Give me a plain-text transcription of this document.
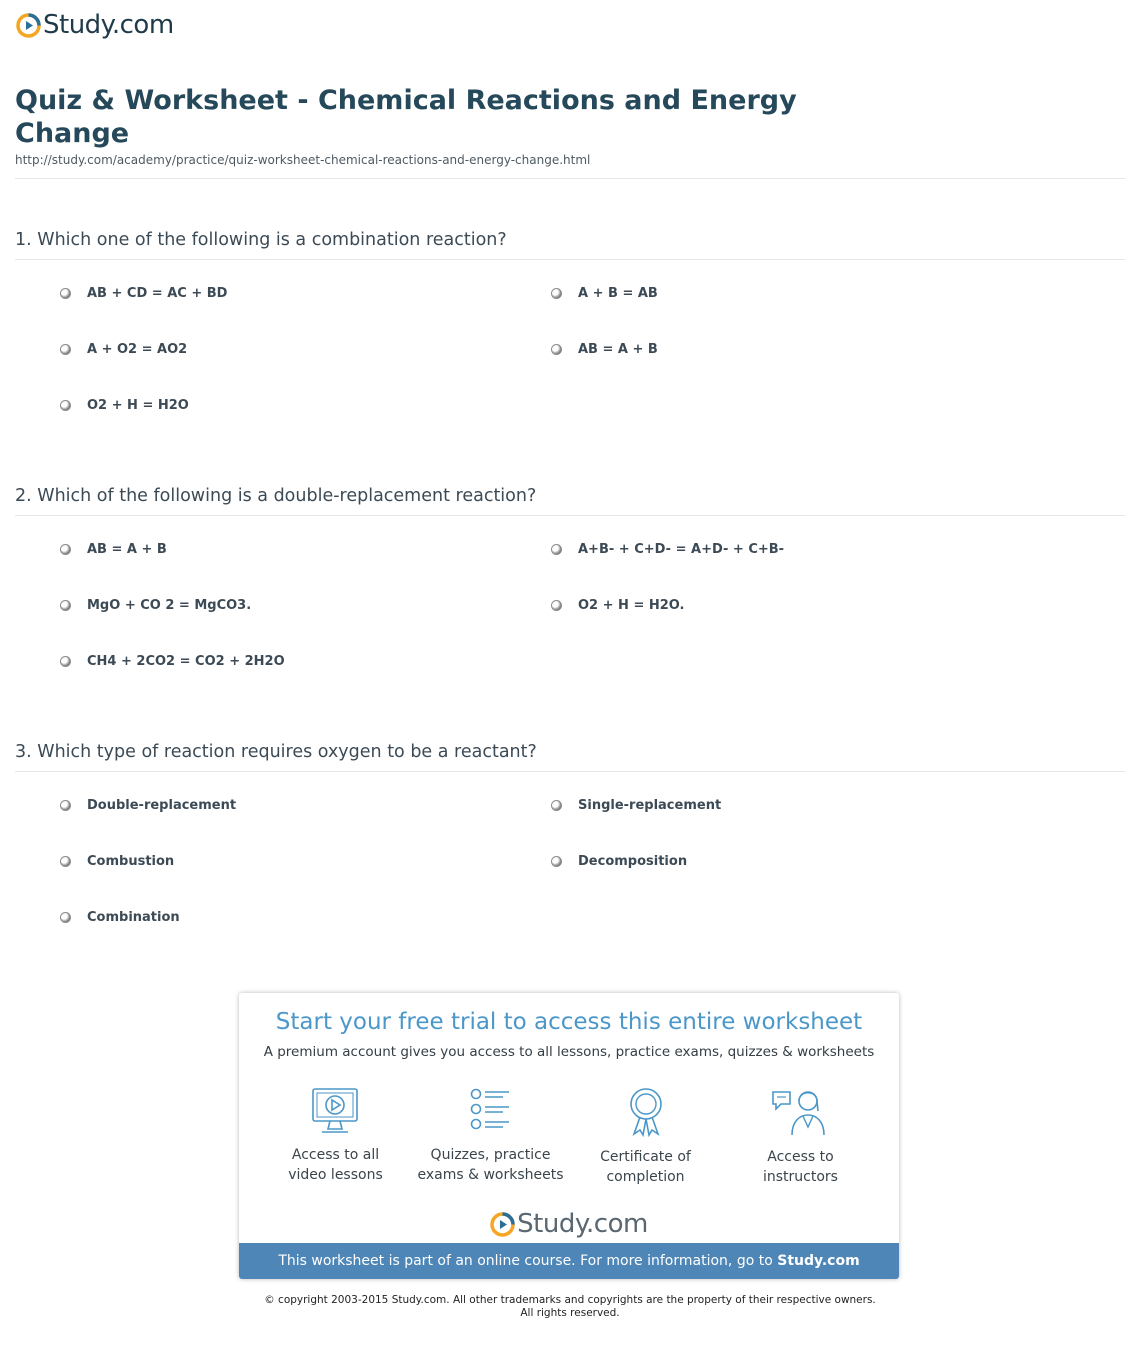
Study.com
Quiz & Worksheet - Chemical Reactions and Energy Change
http://study.com/academy/practice/quiz-worksheet-chemical-reactions-and-energy-change.html
1. Which one of the following is a combination reaction?
AB + CD = AC + BD	A + B = AB
A + O2 = AO2	AB = A + B
O2 + H = H2O
2. Which of the following is a double-replacement reaction?
AB = A + B	A+B- + C+D- = A+D- + C+B-
MgO + CO 2 = MgCO3.	O2 + H = H2O.
CH4 + 2CO2 = CO2 + 2H2O
3. Which type of reaction requires oxygen to be a reactant?
Double-replacement	Single-replacement
Combustion	Decomposition
Combination
Start your free trial to access this entire worksheet
A premium account gives you access to all lessons, practice exams, quizzes & worksheets
Access to all
video lessons
Quizzes, practice
exams & worksheets
Certificate of
completion
Access to
instructors
Study.com
This worksheet is part of an online course. For more information, go to Study.com
© copyright 2003-2015 Study.com. All other trademarks and copyrights are the property of their respective owners.
All rights reserved.
